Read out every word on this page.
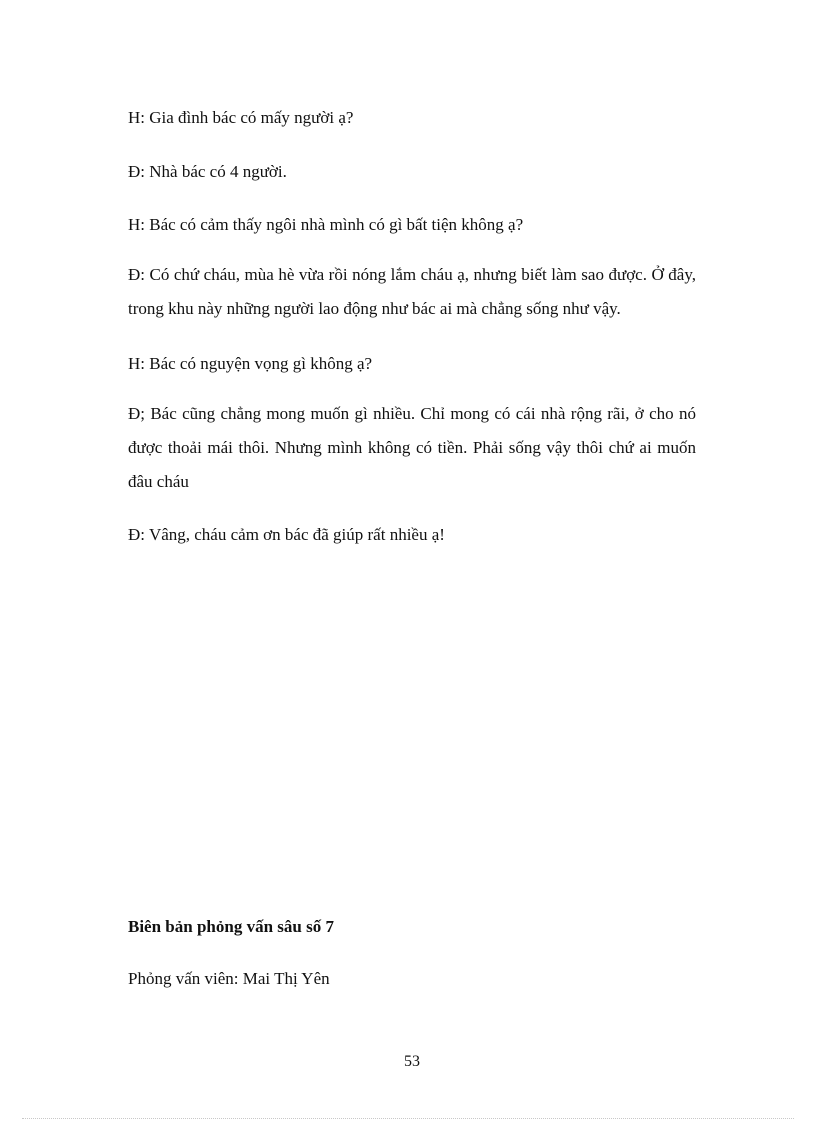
H: Gia đình bác có mấy người ạ?

Đ: Nhà bác có 4 người.

H: Bác có cảm thấy ngôi nhà mình có gì bất tiện không ạ?

Đ: Có chứ cháu, mùa hè vừa rồi nóng lắm cháu ạ, nhưng biết làm sao được. Ở đây, trong khu này những người lao động như bác ai mà chẳng sống như vậy.

H: Bác có nguyện vọng gì không ạ?

Đ; Bác cũng chẳng mong muốn gì nhiều. Chỉ mong có cái nhà rộng rãi, ở cho nó được thoải mái thôi. Nhưng mình không có tiền. Phải sống vậy thôi chứ ai muốn đâu cháu

Đ: Vâng, cháu cảm ơn bác đã giúp rất nhiều ạ!

Biên bản phỏng vấn sâu số 7

Phỏng vấn viên: Mai Thị Yên

53
